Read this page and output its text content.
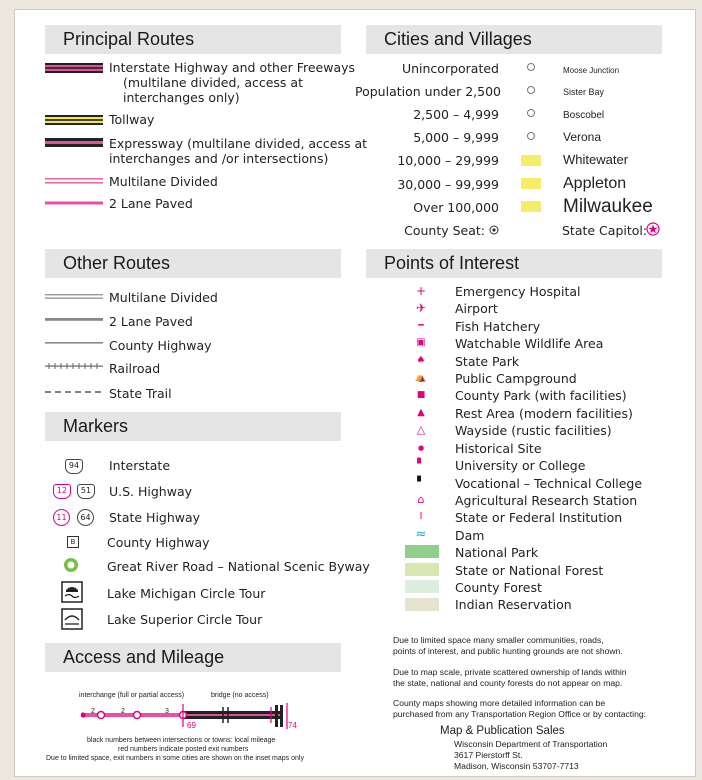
Principal Routes
Interstate Highway and other Freeways
(multilane divided, access at
interchanges only)
Tollway
Expressway (multilane divided, access at
interchanges and /or intersections)
Multilane Divided
2 Lane Paved
Other Routes
Multilane Divided
2 Lane Paved
County Highway
Railroad
State Trail
Markers
94	Interstate
12	51	U.S. Highway
11	64 State Highway
B	County Highway
Great River Road – National Scenic Byway
Lake Michigan Circle Tour
Lake Superior Circle Tour
Access and Mileage
interchange (full or partial access)	bridge (no access)
2	2	3
69	74
black numbers between intersections or towns: local mileage
red numbers indicate posted exit numbers
Due to limited space, exit numbers in some cities are shown on the inset maps only
Cities and Villages
Unincorporated	Moose Junction
Population under 2,500	Sister Bay
2,500 – 4,999	Boscobel
5,000 – 9,999	Verona
10,000 – 29,999	Whitewater
30,000 – 99,999	Appleton
Over 100,000	Milwaukee
County Seat:	State Capitol:
Points of Interest
+ Emergency Hospital
✈ Airport
━	Fish Hatchery
▣ Watchable Wildlife Area
♠ State Park
⛺ Public Campground
■ County Park (with facilities)
▲ Rest Area (modern facilities)
△ Wayside (rustic facilities)
●	Historical Site
▘ University or College
▘ Vocational – Technical College
⌂ Agricultural Research Station
I	State or Federal Institution
≈ Dam
National Park
State or National Forest
County Forest
Indian Reservation
Due to limited space many smaller communities, roads,
points of interest, and public hunting grounds are not shown.
Due to map scale, private scattered ownership of lands within
the state, national and county forests do not appear on map.
County maps showing more detailed information can be
purchased from any Transportation Region Office or by contacting:
Map & Publication Sales
Wisconsin Department of Transportation
3617 Pierstorff St.
Madison, Wisconsin 53707-7713
